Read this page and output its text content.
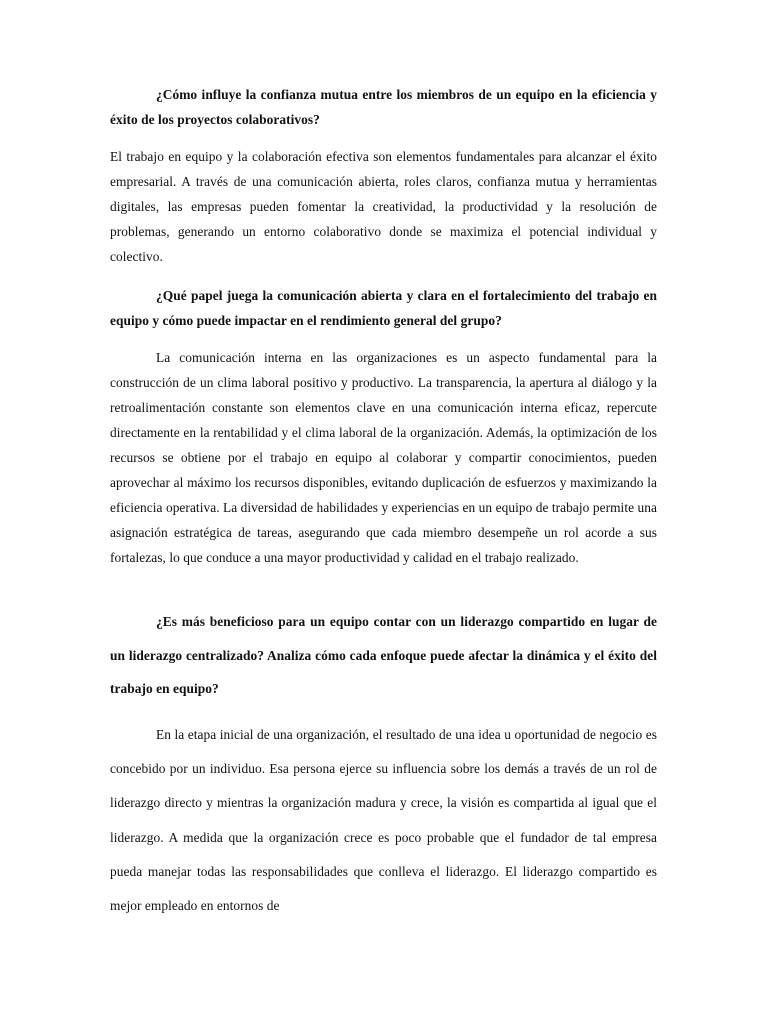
¿Cómo influye la confianza mutua entre los miembros de un equipo en la eficiencia y éxito de los proyectos colaborativos?

El trabajo en equipo y la colaboración efectiva son elementos fundamentales para alcanzar el éxito empresarial. A través de una comunicación abierta, roles claros, confianza mutua y herramientas digitales, las empresas pueden fomentar la creatividad, la productividad y la resolución de problemas, generando un entorno colaborativo donde se maximiza el potencial individual y colectivo.

¿Qué papel juega la comunicación abierta y clara en el fortalecimiento del trabajo en equipo y cómo puede impactar en el rendimiento general del grupo?

La comunicación interna en las organizaciones es un aspecto fundamental para la construcción de un clima laboral positivo y productivo. La transparencia, la apertura al diálogo y la retroalimentación constante son elementos clave en una comunicación interna eficaz, repercute directamente en la rentabilidad y el clima laboral de la organización. Además, la optimización de los recursos se obtiene por el trabajo en equipo al colaborar y compartir conocimientos, pueden aprovechar al máximo los recursos disponibles, evitando duplicación de esfuerzos y maximizando la eficiencia operativa. La diversidad de habilidades y experiencias en un equipo de trabajo permite una asignación estratégica de tareas, asegurando que cada miembro desempeñe un rol acorde a sus fortalezas, lo que conduce a una mayor productividad y calidad en el trabajo realizado.

¿Es más beneficioso para un equipo contar con un liderazgo compartido en lugar de un liderazgo centralizado? Analiza cómo cada enfoque puede afectar la dinámica y el éxito del trabajo en equipo?

En la etapa inicial de una organización, el resultado de una idea u oportunidad de negocio es concebido por un individuo. Esa persona ejerce su influencia sobre los demás a través de un rol de liderazgo directo y mientras la organización madura y crece, la visión es compartida al igual que el liderazgo. A medida que la organización crece es poco probable que el fundador de tal empresa pueda manejar todas las responsabilidades que conlleva el liderazgo. El liderazgo compartido es mejor empleado en entornos de
